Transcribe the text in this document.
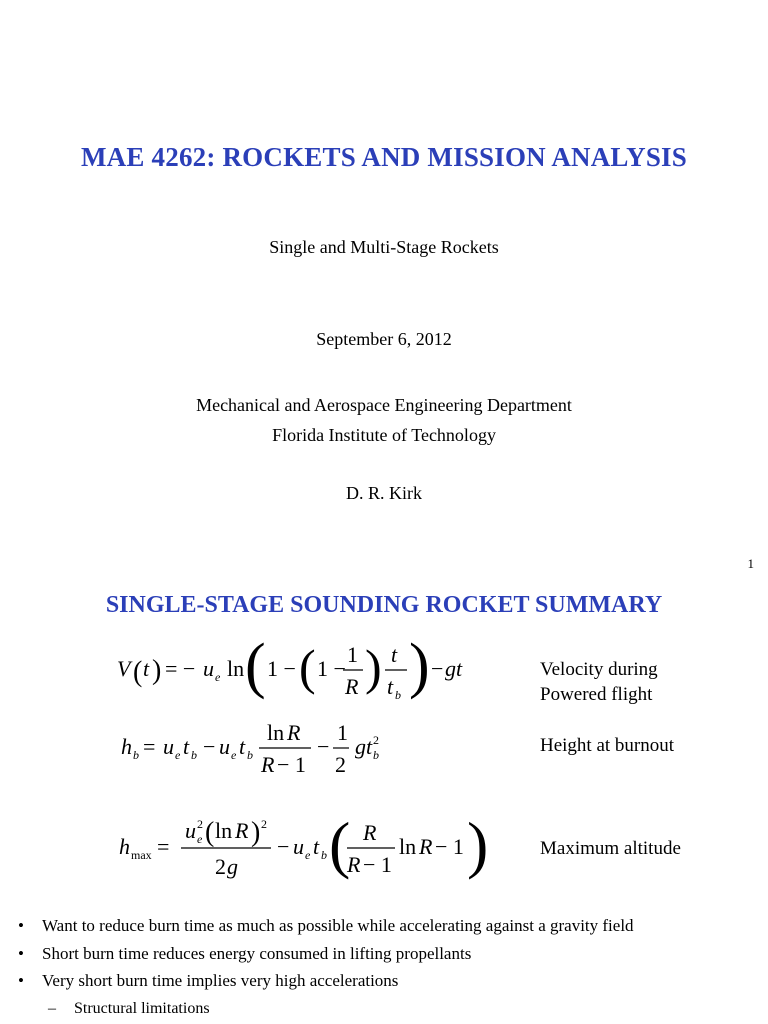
MAE 4262: ROCKETS AND MISSION ANALYSIS
Single and Multi-Stage Rockets
September 6, 2012
Mechanical and Aerospace Engineering Department
Florida Institute of Technology
D. R. Kirk
1
SINGLE-STAGE SOUNDING ROCKET SUMMARY
V ( t ) = − u e ln ( 1 − ( 1 −
1
R ) t
t b ) − gt	Velocity during
Powered flight
h b = u e t b − u e t b
ln R
R − 1
−
1
2
gt b
2	Height at burnout
h max =
u e
2 ( ln R ) 2
2 g
− u e t b ( R
R − 1
ln R − 1 )	Maximum altitude
•	Want to reduce burn time as much as possible while accelerating against a gravity field
•	Short burn time reduces energy consumed in lifting propellants
•	Very short burn time implies very high accelerations
–	Structural limitations
